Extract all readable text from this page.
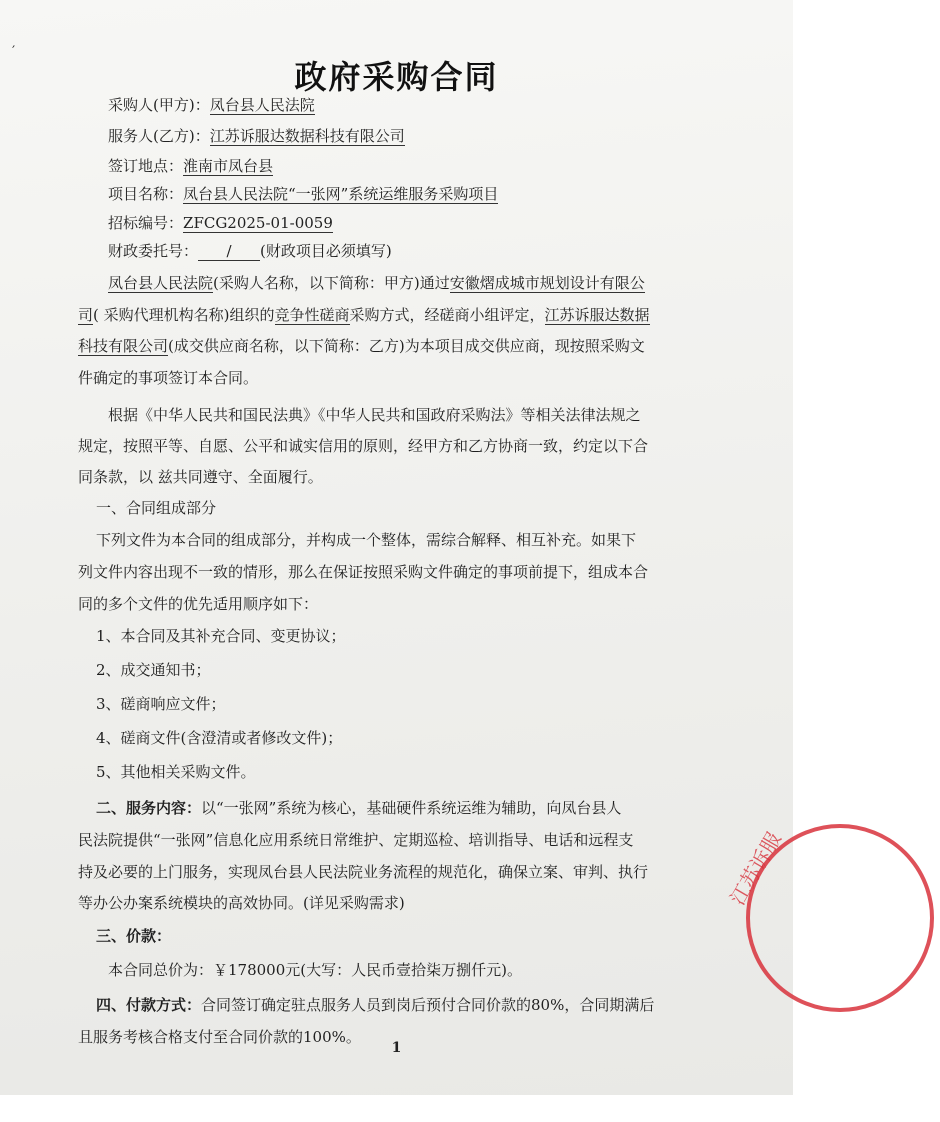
′
政府采购合同
采购人(甲方)：凤台县人民法院
服务人(乙方)：江苏诉服达数据科技有限公司
签订地点：淮南市凤台县
项目名称：凤台县人民法院“一张网”系统运维服务采购项目
招标编号：ZFCG2025-01-0059
财政委托号： / (财政项目必须填写)
凤台县人民法院(采购人名称，以下简称：甲方)通过安徽熠成城市规划设计有限公
司( 采购代理机构名称)组织的竞争性磋商采购方式，经磋商小组评定，江苏诉服达数据
科技有限公司(成交供应商名称，以下简称：乙方)为本项目成交供应商，现按照采购文
件确定的事项签订本合同。
根据《中华人民共和国民法典》《中华人民共和国政府采购法》等相关法律法规之
规定，按照平等、自愿、公平和诚实信用的原则，经甲方和乙方协商一致，约定以下合
同条款，以 兹共同遵守、全面履行。
一、合同组成部分
下列文件为本合同的组成部分，并构成一个整体，需综合解释、相互补充。如果下
列文件内容出现不一致的情形，那么在保证按照采购文件确定的事项前提下，组成本合
同的多个文件的优先适用顺序如下：
1、本合同及其补充合同、变更协议；
2、成交通知书；
3、磋商响应文件；
4、磋商文件(含澄清或者修改文件)；
5、其他相关采购文件。
二、服务内容：以“一张网”系统为核心，基础硬件系统运维为辅助，向凤台县人
民法院提供“一张网”信息化应用系统日常维护、定期巡检、培训指导、电话和远程支
持及必要的上门服务，实现凤台县人民法院业务流程的规范化，确保立案、审判、执行
等办公办案系统模块的高效协同。(详见采购需求)
三、价款：
本合同总价为：￥178000元(大写：人民币壹拾柒万捌仟元)。
四、付款方式：合同签订确定驻点服务人员到岗后预付合同价款的80%，合同期满后
且服务考核合格支付至合同价款的100%。
江苏诉服
1
